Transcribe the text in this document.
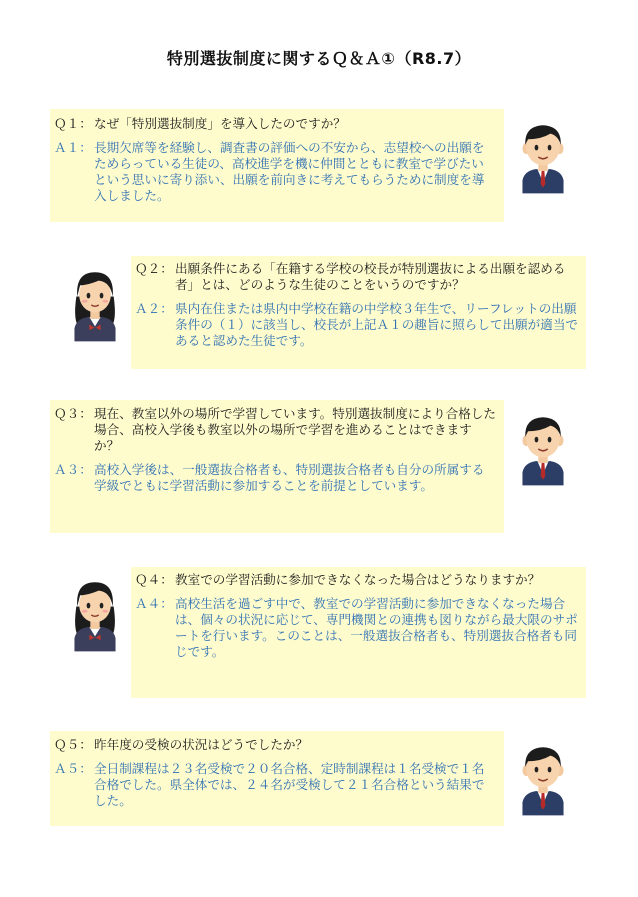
特別選抜制度に関するＱ＆Ａ①（R8.7）
Ｑ１： なぜ「特別選抜制度」を導入したのですか？
Ａ１： 長期欠席等を経験し、調査書の評価への不安から、志望校への出願をためらっている生徒の、高校進学を機に仲間とともに教室で学びたいという思いに寄り添い、出願を前向きに考えてもらうために制度を導入しました。
Ｑ２： 出願条件にある「在籍する学校の校長が特別選抜による出願を認める者」とは、どのような生徒のことをいうのですか？
Ａ２： 県内在住または県内中学校在籍の中学校３年生で、リーフレットの出願条件の（１）に該当し、校長が上記Ａ１の趣旨に照らして出願が適当であると認めた生徒です。
Ｑ３： 現在、教室以外の場所で学習しています。特別選抜制度により合格した場合、高校入学後も教室以外の場所で学習を進めることはできますか？
Ａ３： 高校入学後は、一般選抜合格者も、特別選抜合格者も自分の所属する学級でともに学習活動に参加することを前提としています。
Ｑ４： 教室での学習活動に参加できなくなった場合はどうなりますか？
Ａ４： 高校生活を過ごす中で、教室での学習活動に参加できなくなった場合は、個々の状況に応じて、専門機関との連携も図りながら最大限のサポートを行います。このことは、一般選抜合格者も、特別選抜合格者も同じです。
Ｑ５： 昨年度の受検の状況はどうでしたか？
Ａ５： 全日制課程は２３名受検で２０名合格、定時制課程は１名受検で１名合格でした。県全体では、２４名が受検して２１名合格という結果でした。
